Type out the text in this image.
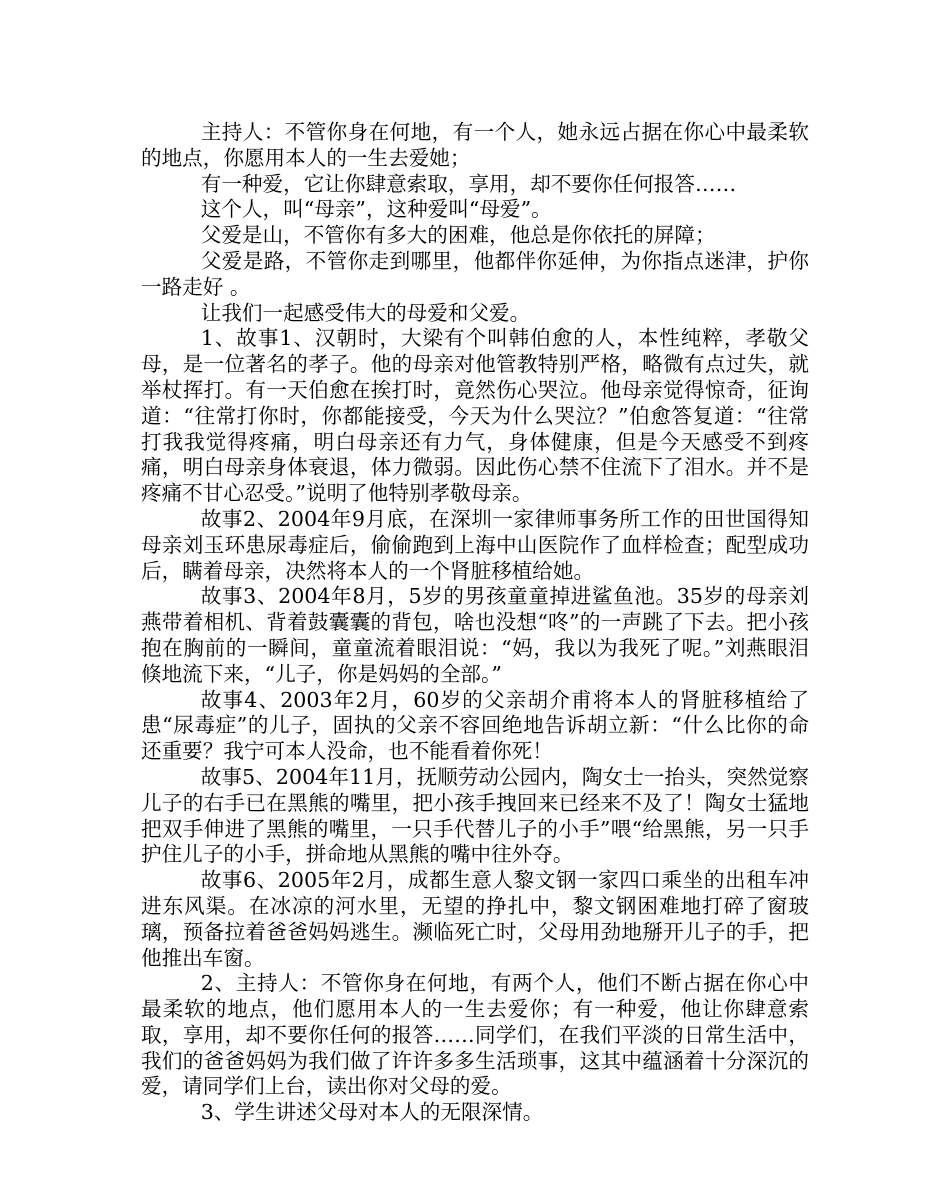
主持人：不管你身在何地，有一个人，她永远占据在你心中最柔软的地点，你愿用本人的一生去爱她；

有一种爱，它让你肆意索取，享用，却不要你任何报答……

这个人，叫“母亲”，这种爱叫“母爱”。

父爱是山，不管你有多大的困难，他总是你依托的屏障；

父爱是路，不管你走到哪里，他都伴你延伸，为你指点迷津，护你一路走好 。

让我们一起感受伟大的母爱和父爱。

1、故事1、汉朝时，大梁有个叫韩伯愈的人，本性纯粹，孝敬父母，是一位著名的孝子。他的母亲对他管教特别严格，略微有点过失，就举杖挥打。有一天伯愈在挨打时，竟然伤心哭泣。他母亲觉得惊奇，征询道：“往常打你时，你都能接受，今天为什么哭泣？”伯愈答复道：“往常打我我觉得疼痛，明白母亲还有力气，身体健康，但是今天感受不到疼痛，明白母亲身体衰退，体力微弱。因此伤心禁不住流下了泪水。并不是疼痛不甘心忍受。”说明了他特别孝敬母亲。

故事2、2004年9月底，在深圳一家律师事务所工作的田世国得知母亲刘玉环患尿毒症后，偷偷跑到上海中山医院作了血样检查；配型成功后，瞒着母亲，决然将本人的一个肾脏移植给她。

故事3、2004年8月，5岁的男孩童童掉进鲨鱼池。35岁的母亲刘燕带着相机、背着鼓囊囊的背包，啥也没想“咚”的一声跳了下去。把小孩抱在胸前的一瞬间，童童流着眼泪说：“妈，我以为我死了呢。”刘燕眼泪倏地流下来，“儿子，你是妈妈的全部。”

故事4、2003年2月，60岁的父亲胡介甫将本人的肾脏移植给了患“尿毒症”的儿子，固执的父亲不容回绝地告诉胡立新：“什么比你的命还重要？我宁可本人没命，也不能看着你死！

故事5、2004年11月，抚顺劳动公园内，陶女士一抬头，突然觉察儿子的右手已在黑熊的嘴里，把小孩手拽回来已经来不及了！陶女士猛地把双手伸进了黑熊的嘴里，一只手代替儿子的小手”喂“给黑熊，另一只手护住儿子的小手，拼命地从黑熊的嘴中往外夺。

故事6、2005年2月，成都生意人黎文钢一家四口乘坐的出租车冲进东风渠。在冰凉的河水里，无望的挣扎中，黎文钢困难地打碎了窗玻璃，预备拉着爸爸妈妈逃生。濒临死亡时，父母用劲地掰开儿子的手，把他推出车窗。

2、主持人：不管你身在何地，有两个人，他们不断占据在你心中最柔软的地点，他们愿用本人的一生去爱你；有一种爱，他让你肆意索取，享用，却不要你任何的报答……同学们，在我们平淡的日常生活中，我们的爸爸妈妈为我们做了许许多多生活琐事，这其中蕴涵着十分深沉的爱，请同学们上台，读出你对父母的爱。

3、学生讲述父母对本人的无限深情。
